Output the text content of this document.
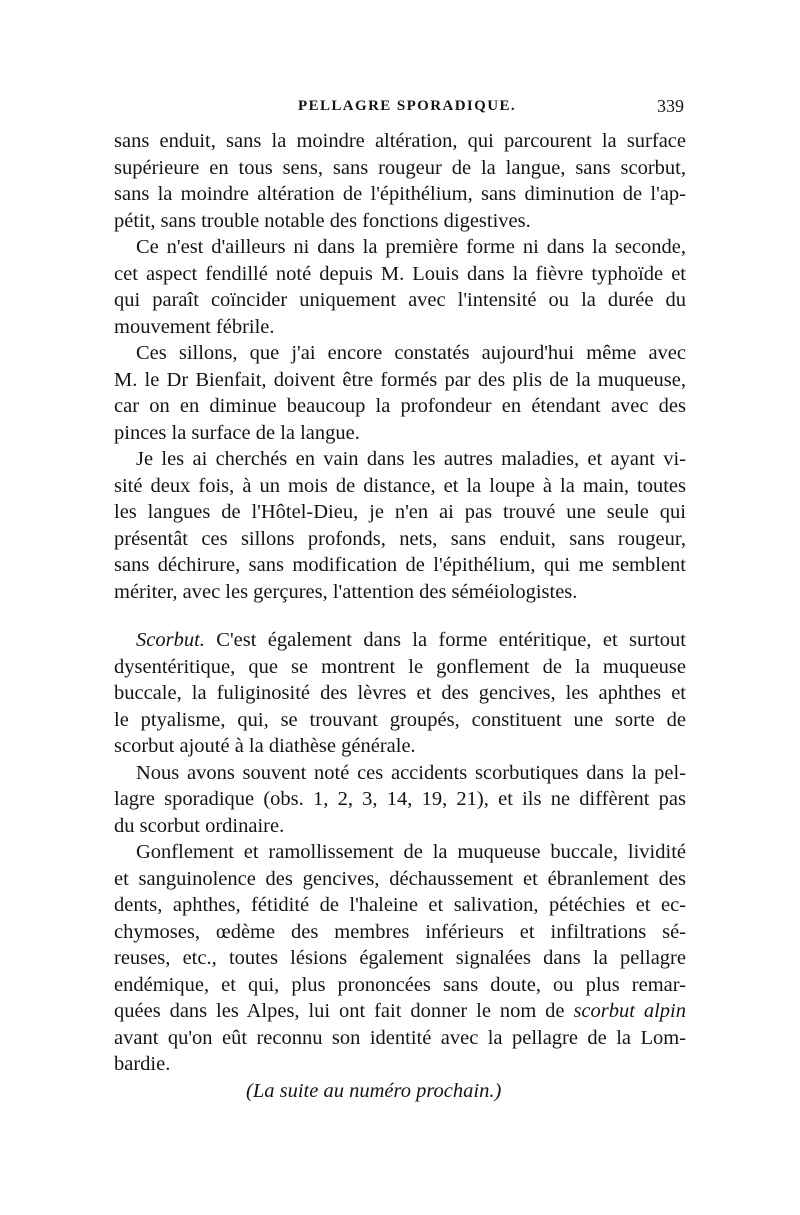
PELLAGRE SPORADIQUE.	339
sans enduit, sans la moindre altération, qui parcourent la surface
supérieure en tous sens, sans rougeur de la langue, sans scorbut,
sans la moindre altération de l'épithélium, sans diminution de l'ap-
pétit, sans trouble notable des fonctions digestives.
Ce n'est d'ailleurs ni dans la première forme ni dans la seconde,
cet aspect fendillé noté depuis M. Louis dans la fièvre typhoïde et
qui paraît coïncider uniquement avec l'intensité ou la durée du
mouvement fébrile.
Ces sillons, que j'ai encore constatés aujourd'hui même avec
M. le Dr Bienfait, doivent être formés par des plis de la muqueuse,
car on en diminue beaucoup la profondeur en étendant avec des
pinces la surface de la langue.
Je les ai cherchés en vain dans les autres maladies, et ayant vi-
sité deux fois, à un mois de distance, et la loupe à la main, toutes
les langues de l'Hôtel-Dieu, je n'en ai pas trouvé une seule qui
présentât ces sillons profonds, nets, sans enduit, sans rougeur,
sans déchirure, sans modification de l'épithélium, qui me semblent
mériter, avec les gerçures, l'attention des séméiologistes.
Scorbut. C'est également dans la forme entéritique, et surtout
dysentéritique, que se montrent le gonflement de la muqueuse
buccale, la fuliginosité des lèvres et des gencives, les aphthes et
le ptyalisme, qui, se trouvant groupés, constituent une sorte de
scorbut ajouté à la diathèse générale.
Nous avons souvent noté ces accidents scorbutiques dans la pel-
lagre sporadique (obs. 1, 2, 3, 14, 19, 21), et ils ne diffèrent pas
du scorbut ordinaire.
Gonflement et ramollissement de la muqueuse buccale, lividité
et sanguinolence des gencives, déchaussement et ébranlement des
dents, aphthes, fétidité de l'haleine et salivation, pétéchies et ec-
chymoses, œdème des membres inférieurs et infiltrations sé-
reuses, etc., toutes lésions également signalées dans la pellagre
endémique, et qui, plus prononcées sans doute, ou plus remar-
quées dans les Alpes, lui ont fait donner le nom de scorbut alpin
avant qu'on eût reconnu son identité avec la pellagre de la Lom-
bardie.
(La suite au numéro prochain.)
